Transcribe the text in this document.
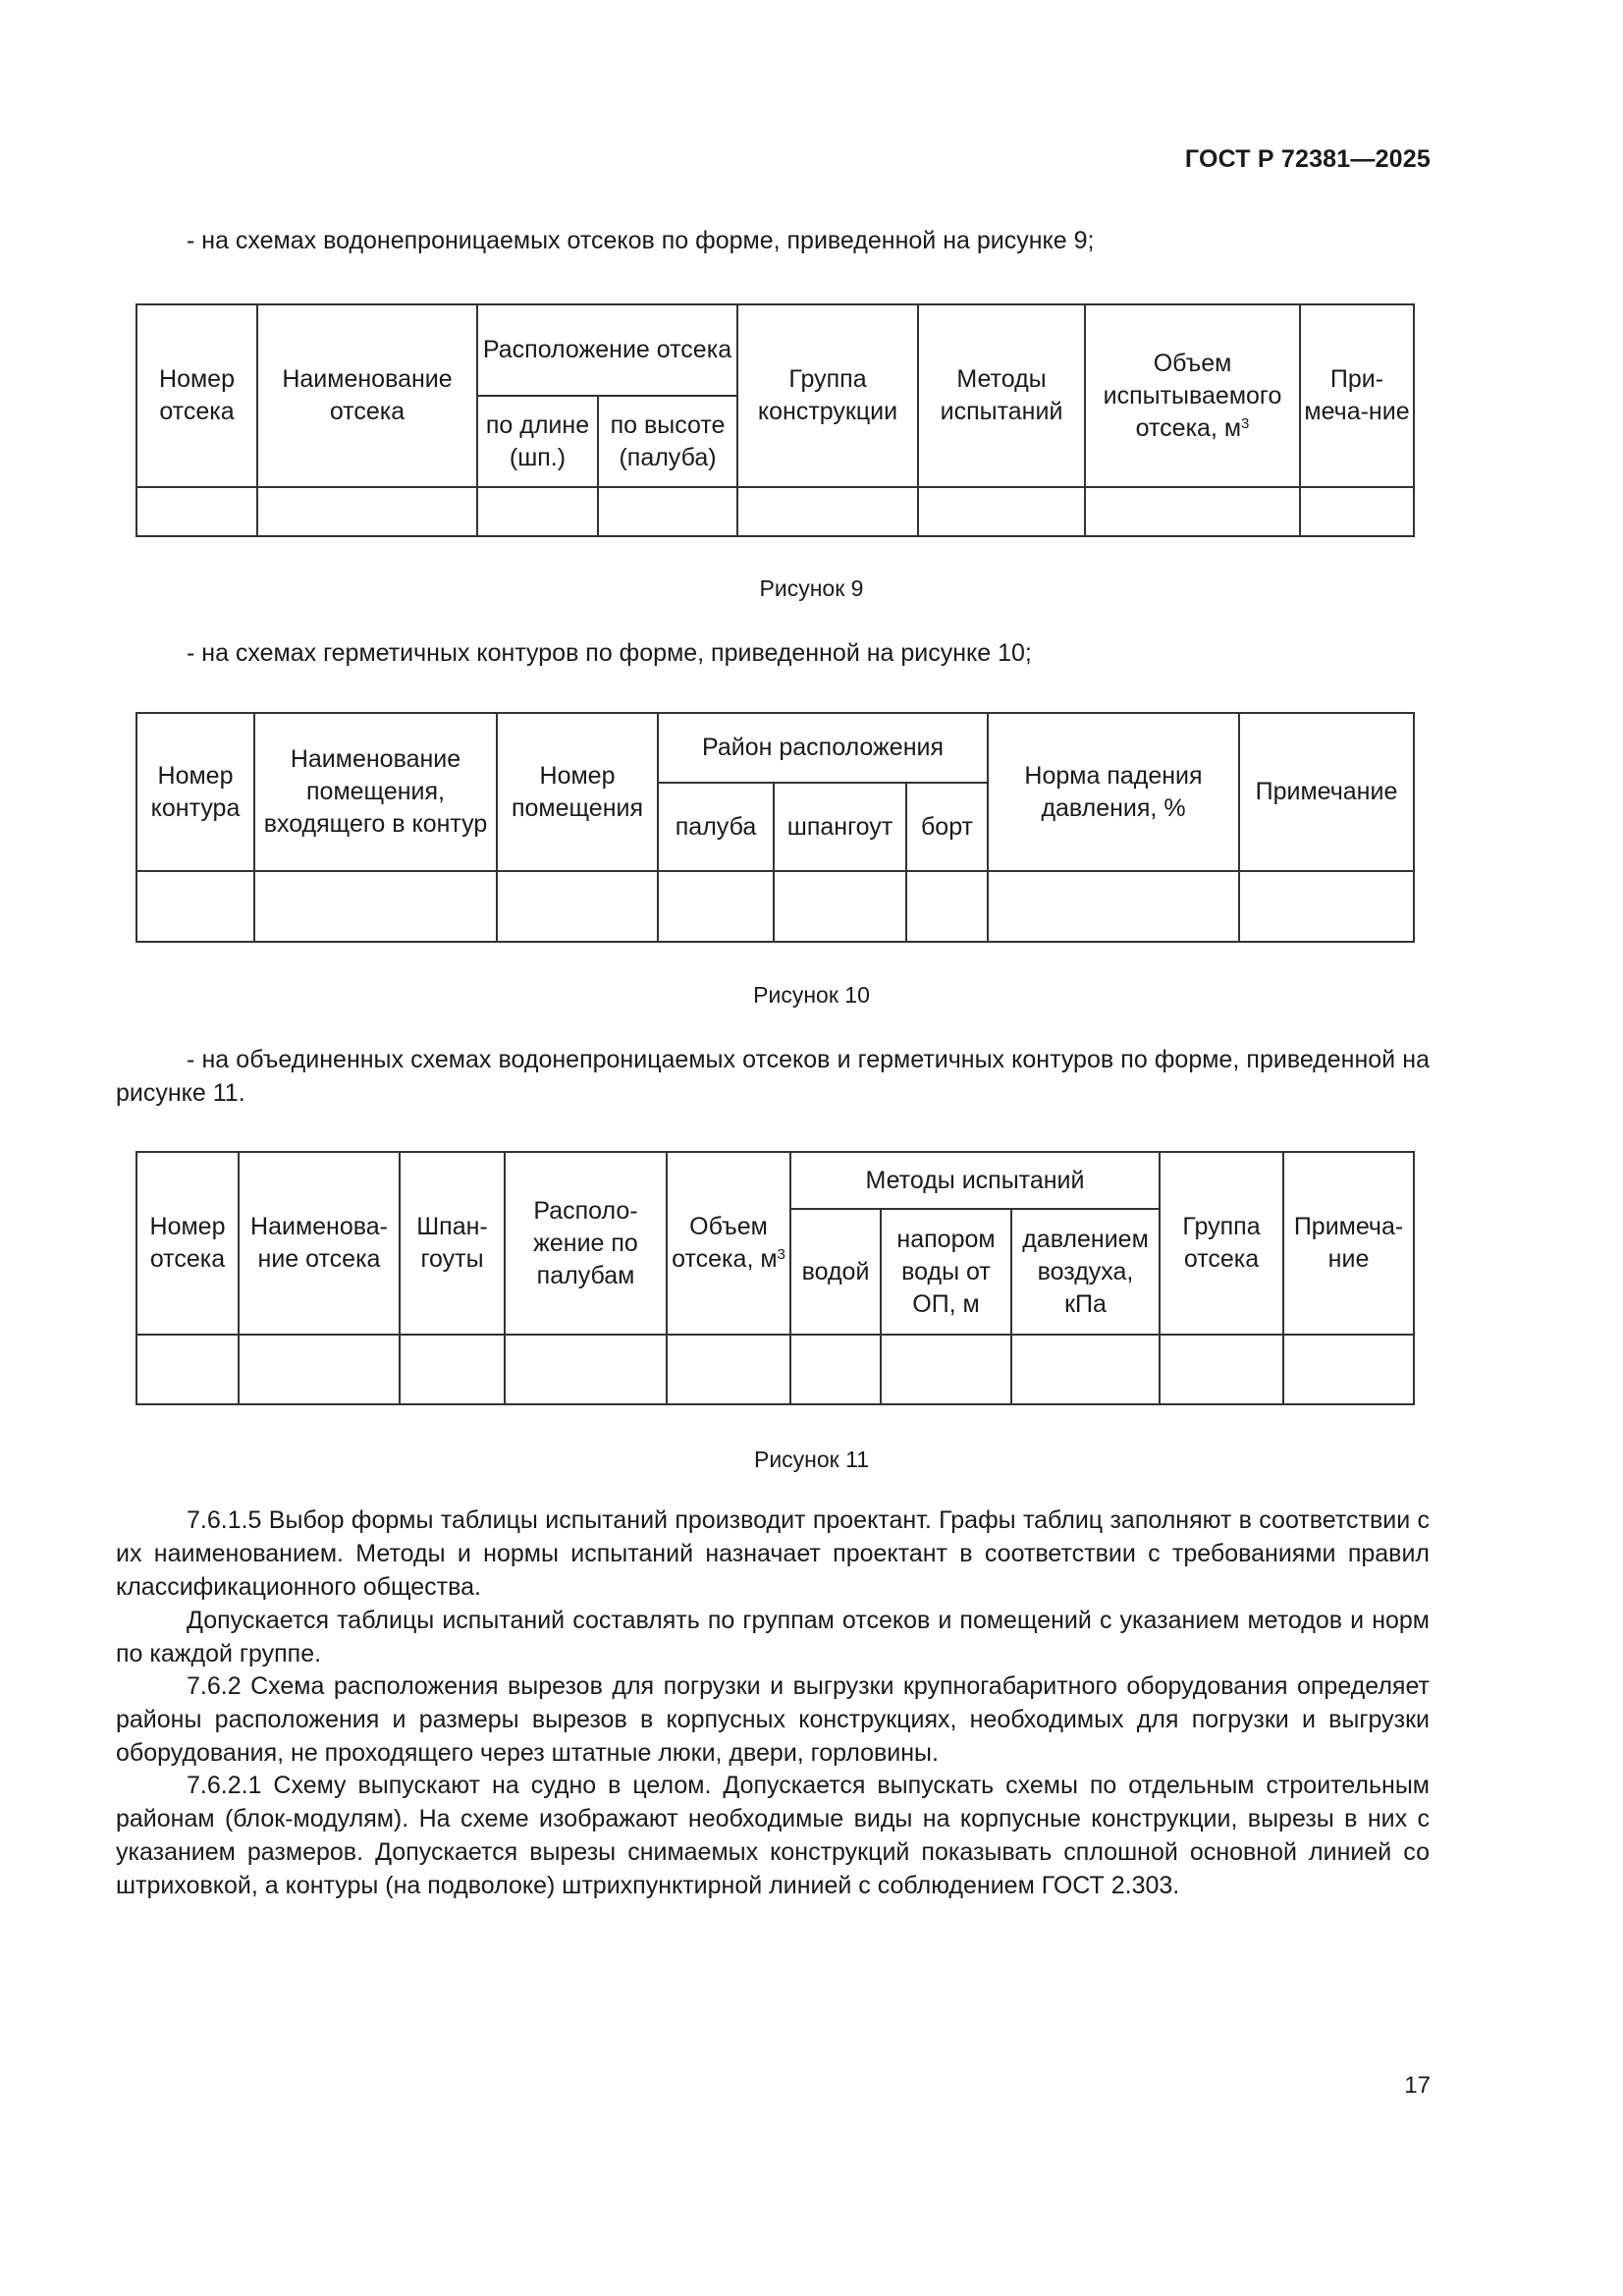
ГОСТ Р 72381—2025
- на схемах водонепроницаемых отсеков по форме, приведенной на рисунке 9;
Номер отсека	Наименование отсека	Расположение отсека		Группа конструкции	Методы испытаний	Объем испытываемого отсека, $м^3$	При-меча-ние
		по длине (шп.)	по высоте (палуба)				

Рисунок 9
- на схемах герметичных контуров по форме, приведенной на рисунке 10;
Номер контура	Наименование помещения, входящего в контур	Номер помещения	Район расположения			Норма падения давления, %	Примечание
			палуба	шпангоут	борт		

Рисунок 10
- на объединенных схемах водонепроницаемых отсеков и герметичных контуров по форме, приведенной на рисунке 11.
Номер отсека	Наименова-ние отсека	Шпан-гоуты	Располо-жение по палубам	Объем отсека, $м^3$	Методы испытаний			Группа отсека	Примеча-ние
					водой	напором воды от ОП, м	давлением воздуха, кПа		

Рисунок 11
7.6.1.5 Выбор формы таблицы испытаний производит проектант. Графы таблиц заполняют в соответствии с их наименованием. Методы и нормы испытаний назначает проектант в соответствии с требованиями правил классификационного общества.
Допускается таблицы испытаний составлять по группам отсеков и помещений с указанием методов и норм по каждой группе.
7.6.2 Схема расположения вырезов для погрузки и выгрузки крупногабаритного оборудования определяет районы расположения и размеры вырезов в корпусных конструкциях, необходимых для погрузки и выгрузки оборудования, не проходящего через штатные люки, двери, горловины.
7.6.2.1 Схему выпускают на судно в целом. Допускается выпускать схемы по отдельным строительным районам (блок-модулям). На схеме изображают необходимые виды на корпусные конструкции, вырезы в них с указанием размеров. Допускается вырезы снимаемых конструкций показывать сплошной основной линией со штриховкой, а контуры (на подволоке) штрихпунктирной линией с соблюдением ГОСТ 2.303.
17
